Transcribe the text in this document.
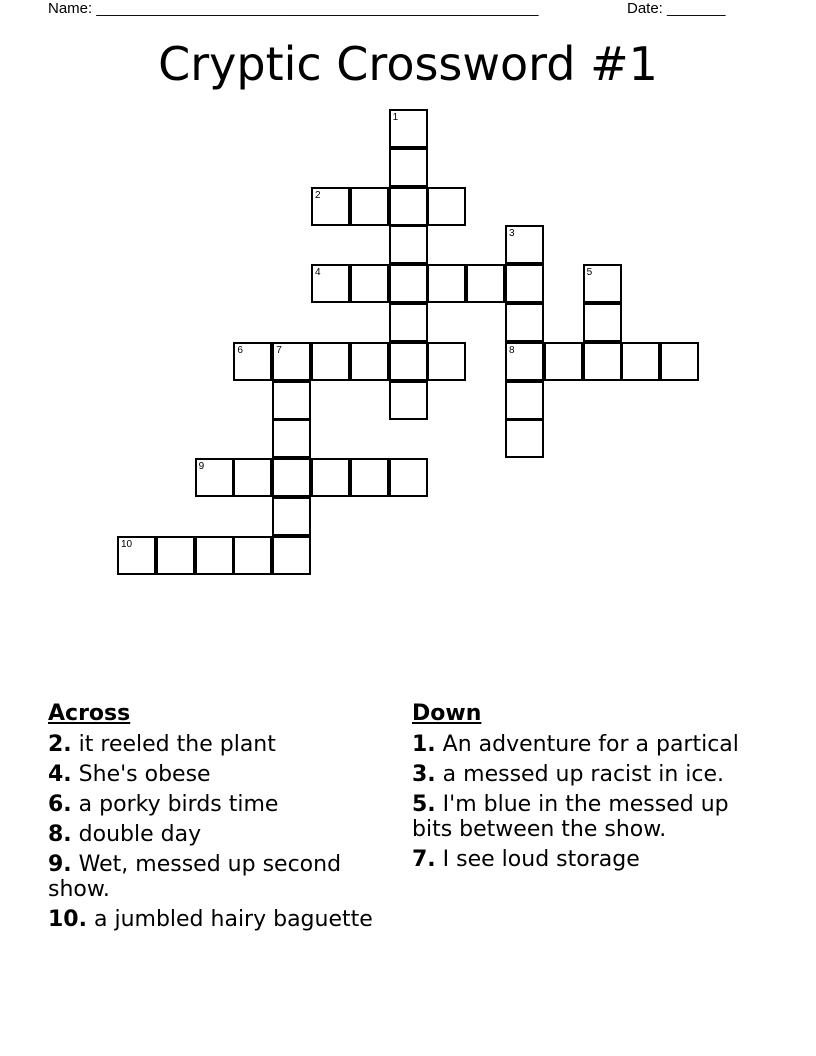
Name: _____________________________________________________	Date: _______
Cryptic Crossword #1
1
2
3
4	5
6	7	8
9
10
Across
2. it reeled the plant
4. She's obese
6. a porky birds time
8. double day
9. Wet, messed up second show.
10. a jumbled hairy baguette
Down
1. An adventure for a partical
3. a messed up racist in ice.
5. I'm blue in the messed up bits between the show.
7. I see loud storage
